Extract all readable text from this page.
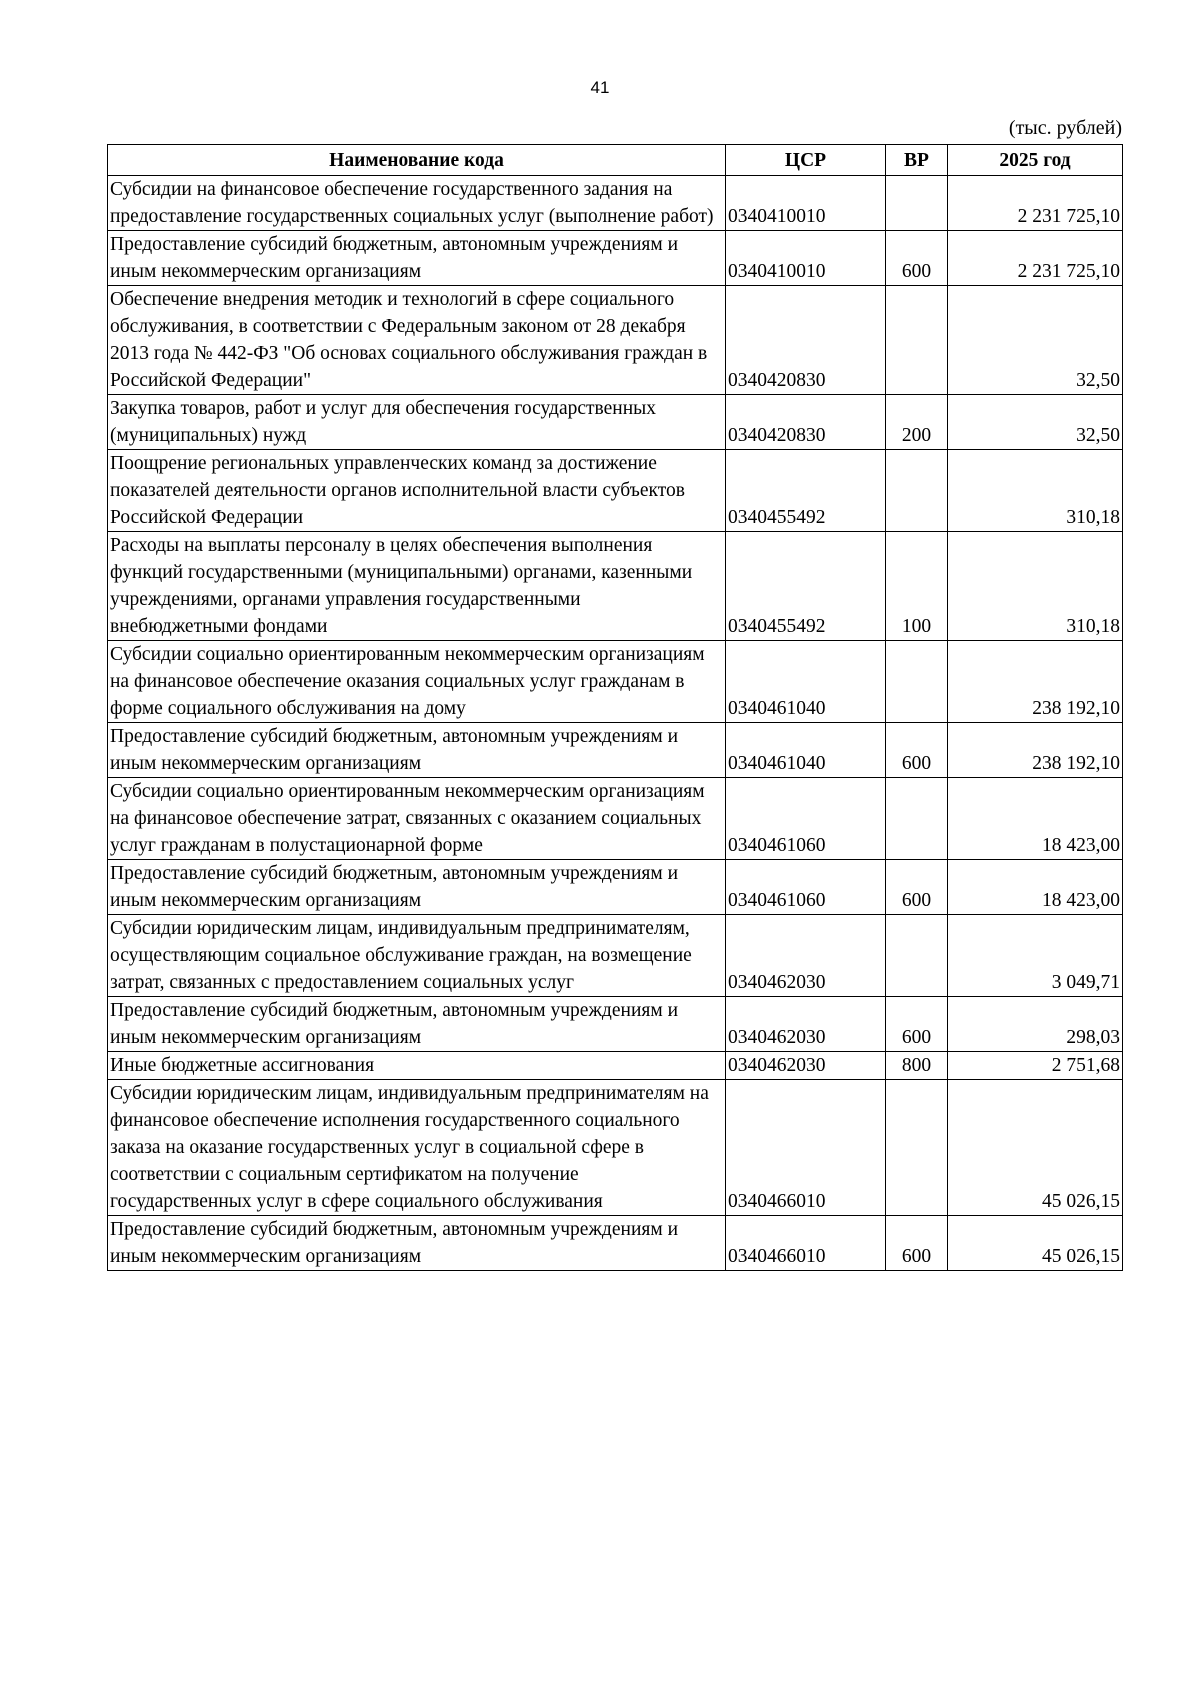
41
(тыс. рублей)
Наименование кода	ЦСР	ВР	2025 год
Субсидии на финансовое обеспечение государственного задания на предоставление государственных социальных услуг (выполнение работ)	0340410010		2 231 725,10
Предоставление субсидий бюджетным, автономным учреждениям и иным некоммерческим организациям	0340410010	600	2 231 725,10
Обеспечение внедрения методик и технологий в сфере социального обслуживания, в соответствии с Федеральным законом от 28 декабря 2013 года № 442-ФЗ "Об основах социального обслуживания граждан в Российской Федерации"	0340420830		32,50
Закупка товаров, работ и услуг для обеспечения государственных (муниципальных) нужд	0340420830	200	32,50
Поощрение региональных управленческих команд за достижение показателей деятельности органов исполнительной власти субъектов Российской Федерации	0340455492		310,18
Расходы на выплаты персоналу в целях обеспечения выполнения функций государственными (муниципальными) органами, казенными учреждениями, органами управления государственными внебюджетными фондами	0340455492	100	310,18
Субсидии социально ориентированным некоммерческим организациям на финансовое обеспечение оказания социальных услуг гражданам в форме социального обслуживания на дому	0340461040		238 192,10
Предоставление субсидий бюджетным, автономным учреждениям и иным некоммерческим организациям	0340461040	600	238 192,10
Субсидии социально ориентированным некоммерческим организациям на финансовое обеспечение затрат, связанных с оказанием социальных услуг гражданам в полустационарной форме	0340461060		18 423,00
Предоставление субсидий бюджетным, автономным учреждениям и иным некоммерческим организациям	0340461060	600	18 423,00
Субсидии юридическим лицам, индивидуальным предпринимателям, осуществляющим социальное обслуживание граждан, на возмещение затрат, связанных с предоставлением социальных услуг	0340462030		3 049,71
Предоставление субсидий бюджетным, автономным учреждениям и иным некоммерческим организациям	0340462030	600	298,03
Иные бюджетные ассигнования	0340462030	800	2 751,68
Субсидии юридическим лицам, индивидуальным предпринимателям на финансовое обеспечение исполнения государственного социального заказа на оказание государственных услуг в социальной сфере в соответствии с социальным сертификатом на получение государственных услуг в сфере социального обслуживания	0340466010		45 026,15
Предоставление субсидий бюджетным, автономным учреждениям и иным некоммерческим организациям	0340466010	600	45 026,15
